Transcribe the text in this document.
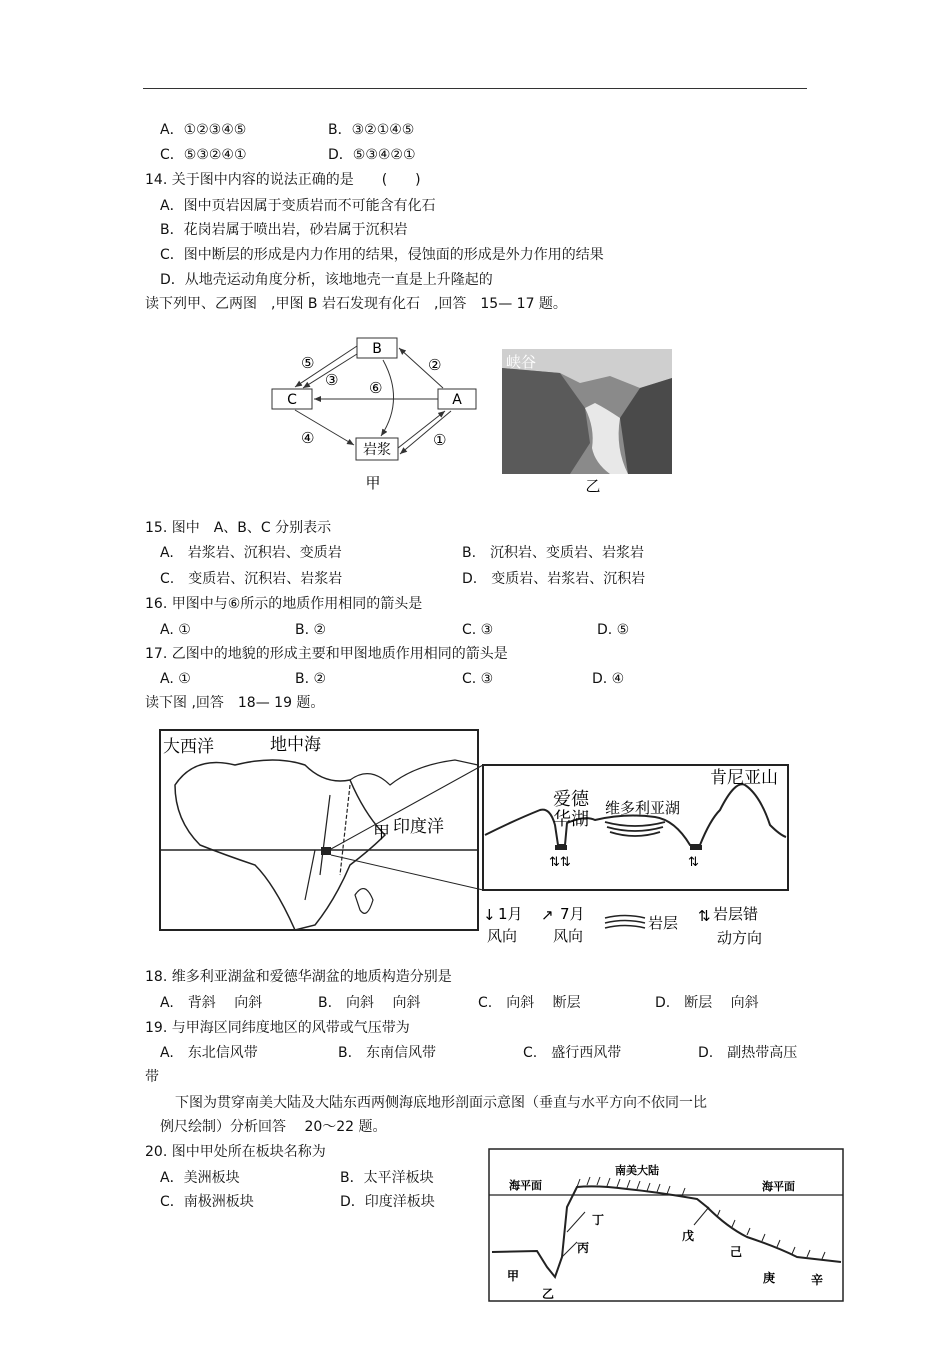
A．①②③④⑤	B．③②①④⑤
C．⑤③②④①	D．⑤③④②①
14. 关于图中内容的说法正确的是　　(　　)
A．图中页岩因属于变质岩而不可能含有化石
B．花岗岩属于喷出岩，砂岩属于沉积岩
C．图中断层的形成是内力作用的结果，侵蚀面的形成是外力作用的结果
D．从地壳运动角度分析，该地地壳一直是上升隆起的
读下列甲、乙两图　,甲图 B 岩石发现有化石　,回答　15— 17 题。
B
C	A
岩浆
⑤
③ ⑥
②
④	①
甲
峡谷
乙
15. 图中　A、B、C 分别表示
A.　岩浆岩、沉积岩、变质岩	B.　沉积岩、变质岩、岩浆岩
C.　变质岩、沉积岩、岩浆岩	D.　变质岩、岩浆岩、沉积岩
16. 甲图中与⑥所示的地质作用相同的箭头是
A. ①	B. ②	C. ③	D. ⑤
17. 乙图中的地貌的形成主要和甲图地质作用相同的箭头是
A. ①	B. ②	C. ③	D. ④
读下图 ,回答　18— 19 题。
大西洋	地中海
印度洋
甲
⇅⇅	⇅
肯尼亚山
爱德
华湖
维多利亚湖
↓ 1月
风向
↗ 7月
风向
岩层 ⇅ 岩层错
动方向
18. 维多利亚湖盆和爱德华湖盆的地质构造分别是
A.　背斜　 向斜	B.　向斜　 向斜	C.　向斜　 断层	D.　断层　 向斜
19. 与甲海区同纬度地区的风带或气压带为
A.　东北信风带	B.　东南信风带	C.　盛行西风带	D.　副热带高压
带
下图为贯穿南美大陆及大陆东西两侧海底地形剖面示意图（垂直与水平方向不依同一比
例尺绘制）分析回答　 20～22 题。
20. 图中甲处所在板块名称为
A．美洲板块	B．太平洋板块
C．南极洲板块	D．印度洋板块
南美大陆
海平面	海平面
甲
乙
丙
丁
戊
己
庚	辛
